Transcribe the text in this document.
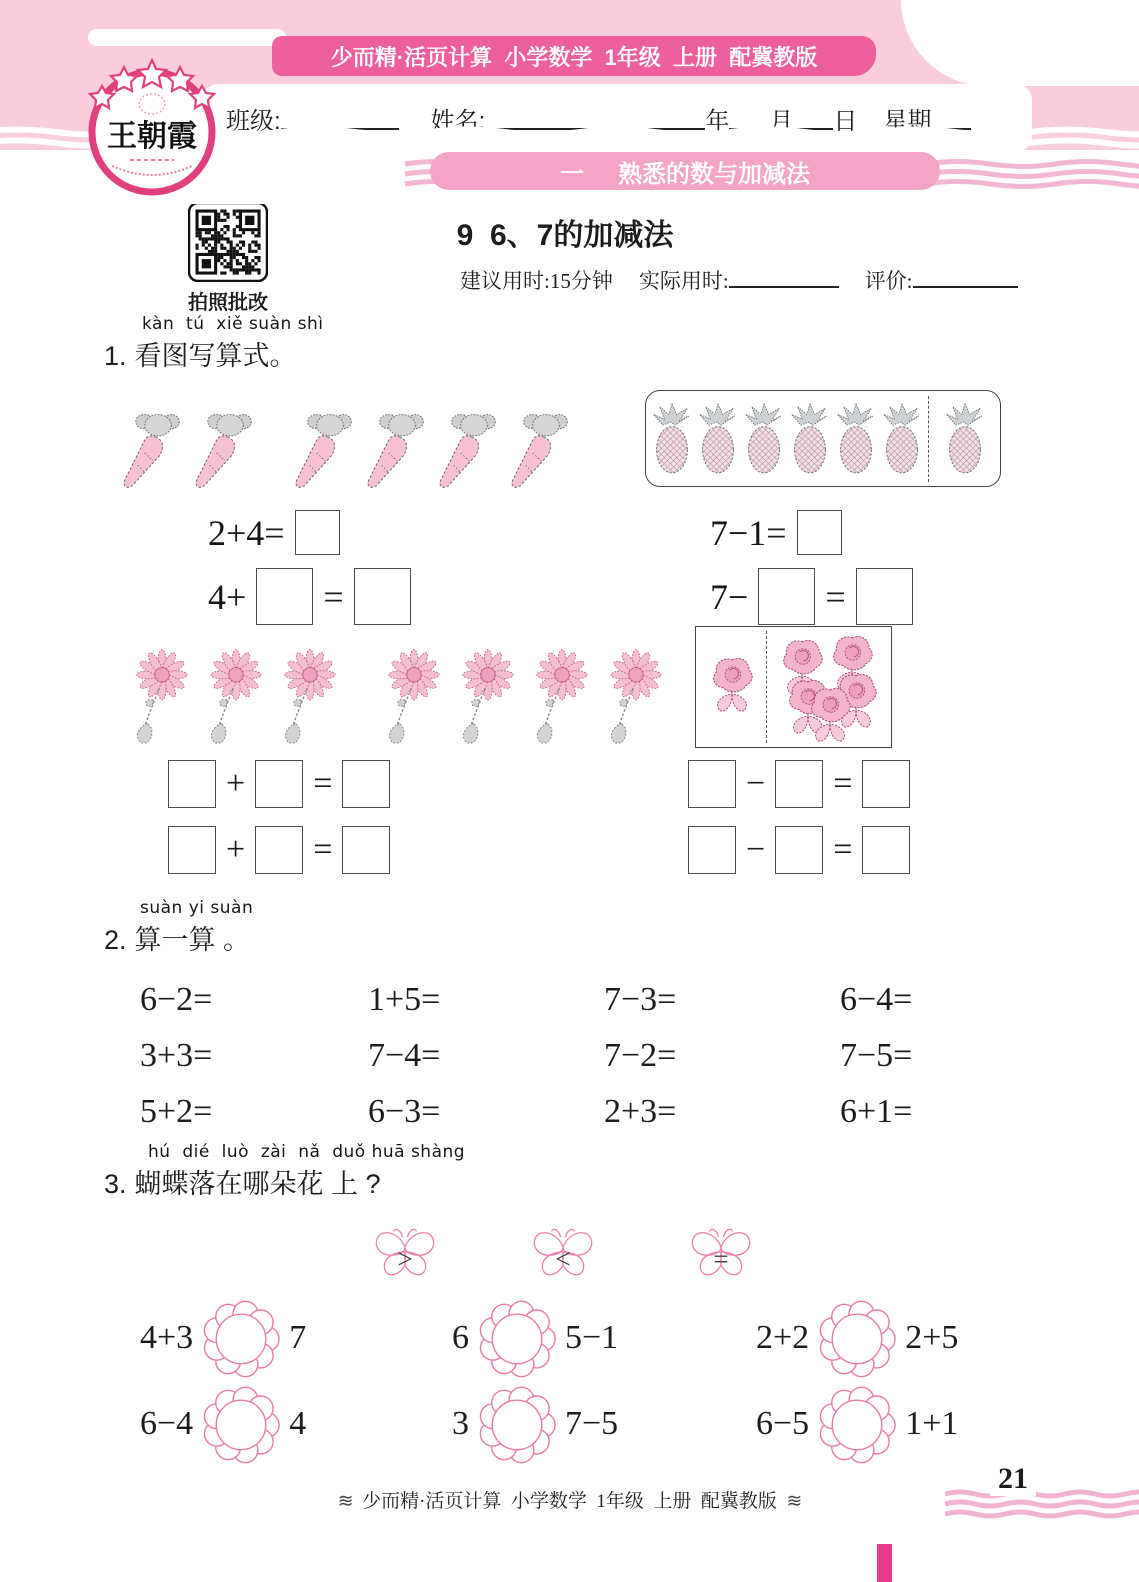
少而精·活页计算  小学数学  1年级  上册  配冀教版
班级:	姓名:	年 月 日 星期
一 熟悉的数与加减法
王朝霞
拍照批改
9  6、7的加减法
建议用时:15分钟 实际用时:	评价:
kàn  tú  xiě suàn shì
1. 看图写算式。
2+4=
4+ =
7−1=
7− =
+ =
+ =
− =
− =
suàn yi suàn
2. 算一算 。
6−2=	1+5=	7−3=	6−4=
3+3=	7−4=	7−2=	7−5=
5+2=	6−3=	2+3=	6+1=
hú  dié  luò  zài  nǎ  duǒ huā shàng
3. 蝴蝶落在哪朵花 上 ?
>	<	=
4+3	7	6	5−1	2+2	2+5
6−4	4	3	7−5	6−5	1+1
≋ 少而精·活页计算  小学数学  1年级  上册  配冀教版 ≋
21
